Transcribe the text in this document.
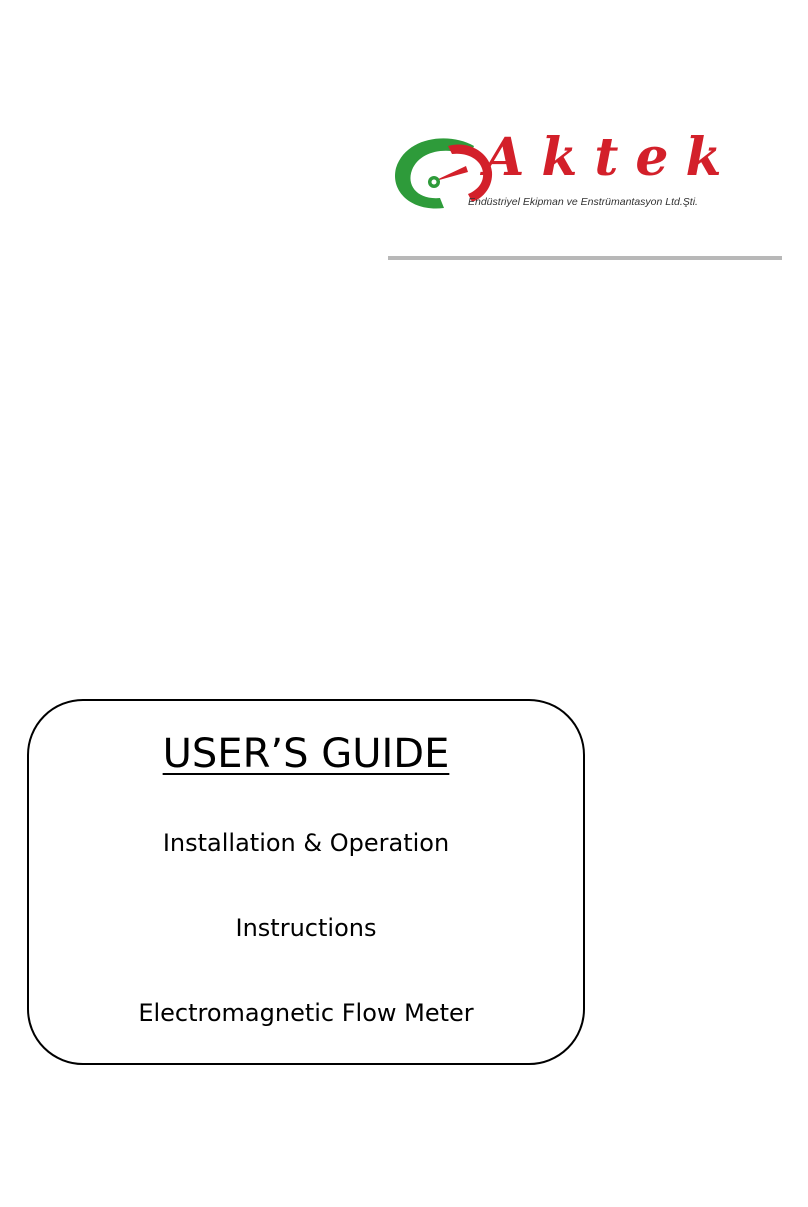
Aktek
Endüstriyel Ekipman ve Enstrümantasyon Ltd.Şti.
USER’S GUIDE
Installation & Operation
Instructions
Electromagnetic Flow Meter
